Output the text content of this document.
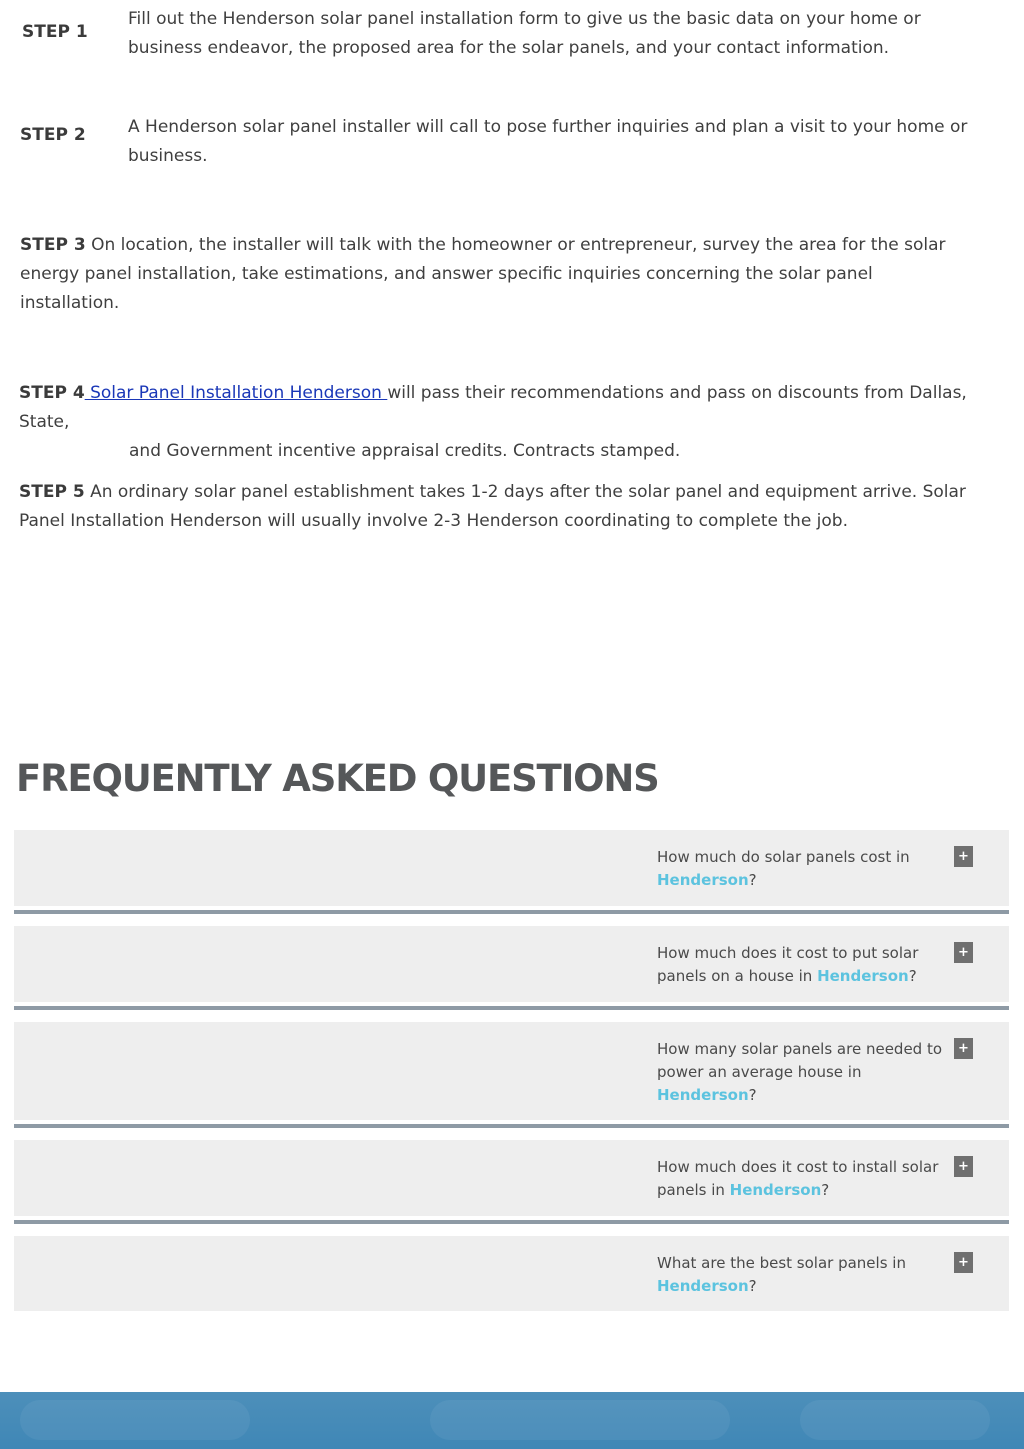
STEP 1
Fill out the Henderson solar panel installation form to give us the basic data on your home or business endeavor, the proposed area for the solar panels, and your contact information.
STEP 2 A Henderson solar panel installer will call to pose further inquiries and plan a visit to your home or business.
STEP 3 On location, the installer will talk with the homeowner or entrepreneur, survey the area for the solar energy panel installation, take estimations, and answer specific inquiries concerning the solar panel installation.
STEP 4 Solar Panel Installation Henderson will pass their recommendations and pass on discounts from Dallas, State,
and Government incentive appraisal credits. Contracts stamped.
STEP 5 An ordinary solar panel establishment takes 1-2 days after the solar panel and equipment arrive. Solar Panel Installation Henderson will usually involve 2-3 Henderson coordinating to complete the job.
FREQUENTLY ASKED QUESTIONS
How much do solar panels cost in Henderson?
+
How much does it cost to put solar panels on a house in Henderson?
+
How many solar panels are needed to power an average house in Henderson?
+
How much does it cost to install solar panels in Henderson?
+
What are the best solar panels in Henderson?
+
